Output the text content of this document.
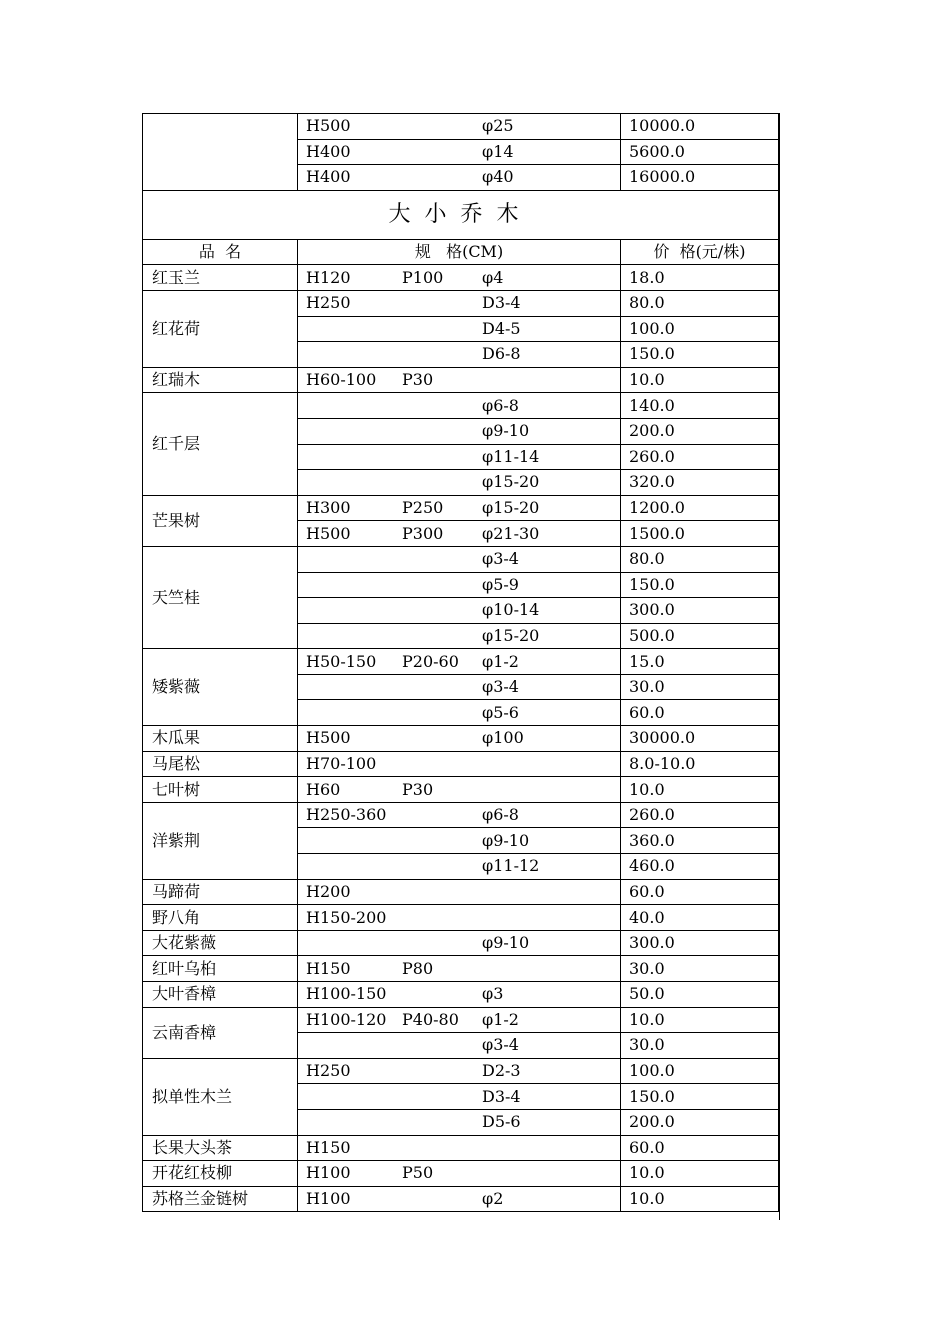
	H500 φ25	10000.0

	H400 φ14	5600.0

	H400 φ40	16000.0
大小乔木		
品  名	规   格(CM)	价  格(元/株)
红玉兰	H120 P100 φ4	18.0
红花荷	H250 D3-4	80.0

	D4-5	100.0

	D6-8	150.0
红瑞木	H60-100 P30	10.0
红千层	φ6-8	140.0

	φ9-10	200.0

	φ11-14	260.0

	φ15-20	320.0
芒果树	H300 P250 φ15-20	1200.0

	H500 P300 φ21-30	1500.0
天竺桂	φ3-4	80.0

	φ5-9	150.0

	φ10-14	300.0

	φ15-20	500.0
矮紫薇	H50-150 P20-60 φ1-2	15.0

	φ3-4	30.0

	φ5-6	60.0
木瓜果	H500 φ100	30000.0
马尾松	H70-100	8.0-10.0
七叶树	H60 P30	10.0
洋紫荆	H250-360 φ6-8	260.0

	φ9-10	360.0

	φ11-12	460.0
马蹄荷	H200	60.0
野八角	H150-200	40.0
大花紫薇	φ9-10	300.0
红叶乌桕	H150 P80	30.0
大叶香樟	H100-150 φ3	50.0
云南香樟	H100-120 P40-80 φ1-2	10.0

	φ3-4	30.0
拟单性木兰	H250 D2-3	100.0

	D3-4	150.0

	D5-6	200.0
长果大头茶	H150	60.0
开花红枝柳	H100 P50	10.0
苏格兰金链树	H100 φ2	10.0
